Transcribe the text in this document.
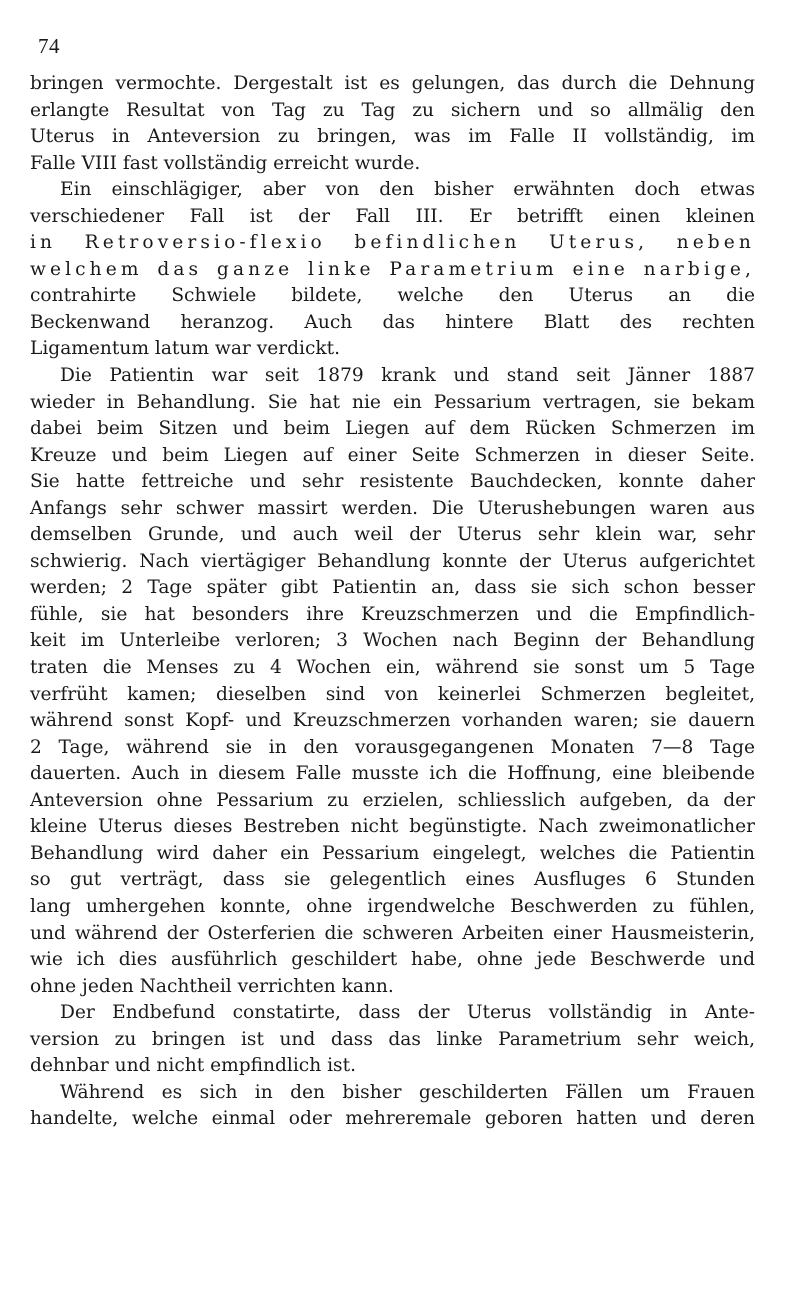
74
bringen vermochte. Dergestalt ist es gelungen, das durch die Dehnung
erlangte Resultat von Tag zu Tag zu sichern und so allmälig den
Uterus in Anteversion zu bringen, was im Falle II vollständig, im
Falle VIII fast vollständig erreicht wurde.
Ein einschlägiger, aber von den bisher erwähnten doch etwas
verschiedener Fall ist der Fall III. Er betrifft einen kleinen
in Retroversio-flexio befindlichen Uterus, neben
welchem das ganze linke Parametrium eine narbige,
contrahirte Schwiele bildete, welche den Uterus an die
Beckenwand heranzog. Auch das hintere Blatt des rechten
Ligamentum latum war verdickt.
Die Patientin war seit 1879 krank und stand seit Jänner 1887
wieder in Behandlung. Sie hat nie ein Pessarium vertragen, sie bekam
dabei beim Sitzen und beim Liegen auf dem Rücken Schmerzen im
Kreuze und beim Liegen auf einer Seite Schmerzen in dieser Seite.
Sie hatte fettreiche und sehr resistente Bauchdecken, konnte daher
Anfangs sehr schwer massirt werden. Die Uterushebungen waren aus
demselben Grunde, und auch weil der Uterus sehr klein war, sehr
schwierig. Nach viertägiger Behandlung konnte der Uterus aufgerichtet
werden; 2 Tage später gibt Patientin an, dass sie sich schon besser
fühle, sie hat besonders ihre Kreuzschmerzen und die Empfindlich-
keit im Unterleibe verloren; 3 Wochen nach Beginn der Behandlung
traten die Menses zu 4 Wochen ein, während sie sonst um 5 Tage
verfrüht kamen; dieselben sind von keinerlei Schmerzen begleitet,
während sonst Kopf- und Kreuzschmerzen vorhanden waren; sie dauern
2 Tage, während sie in den vorausgegangenen Monaten 7—8 Tage
dauerten. Auch in diesem Falle musste ich die Hoffnung, eine bleibende
Anteversion ohne Pessarium zu erzielen, schliesslich aufgeben, da der
kleine Uterus dieses Bestreben nicht begünstigte. Nach zweimonatlicher
Behandlung wird daher ein Pessarium eingelegt, welches die Patientin
so gut verträgt, dass sie gelegentlich eines Ausfluges 6 Stunden
lang umhergehen konnte, ohne irgendwelche Beschwerden zu fühlen,
und während der Osterferien die schweren Arbeiten einer Hausmeisterin,
wie ich dies ausführlich geschildert habe, ohne jede Beschwerde und
ohne jeden Nachtheil verrichten kann.
Der Endbefund constatirte, dass der Uterus vollständig in Ante-
version zu bringen ist und dass das linke Parametrium sehr weich,
dehnbar und nicht empfindlich ist.
Während es sich in den bisher geschilderten Fällen um Frauen
handelte, welche einmal oder mehreremale geboren hatten und deren
